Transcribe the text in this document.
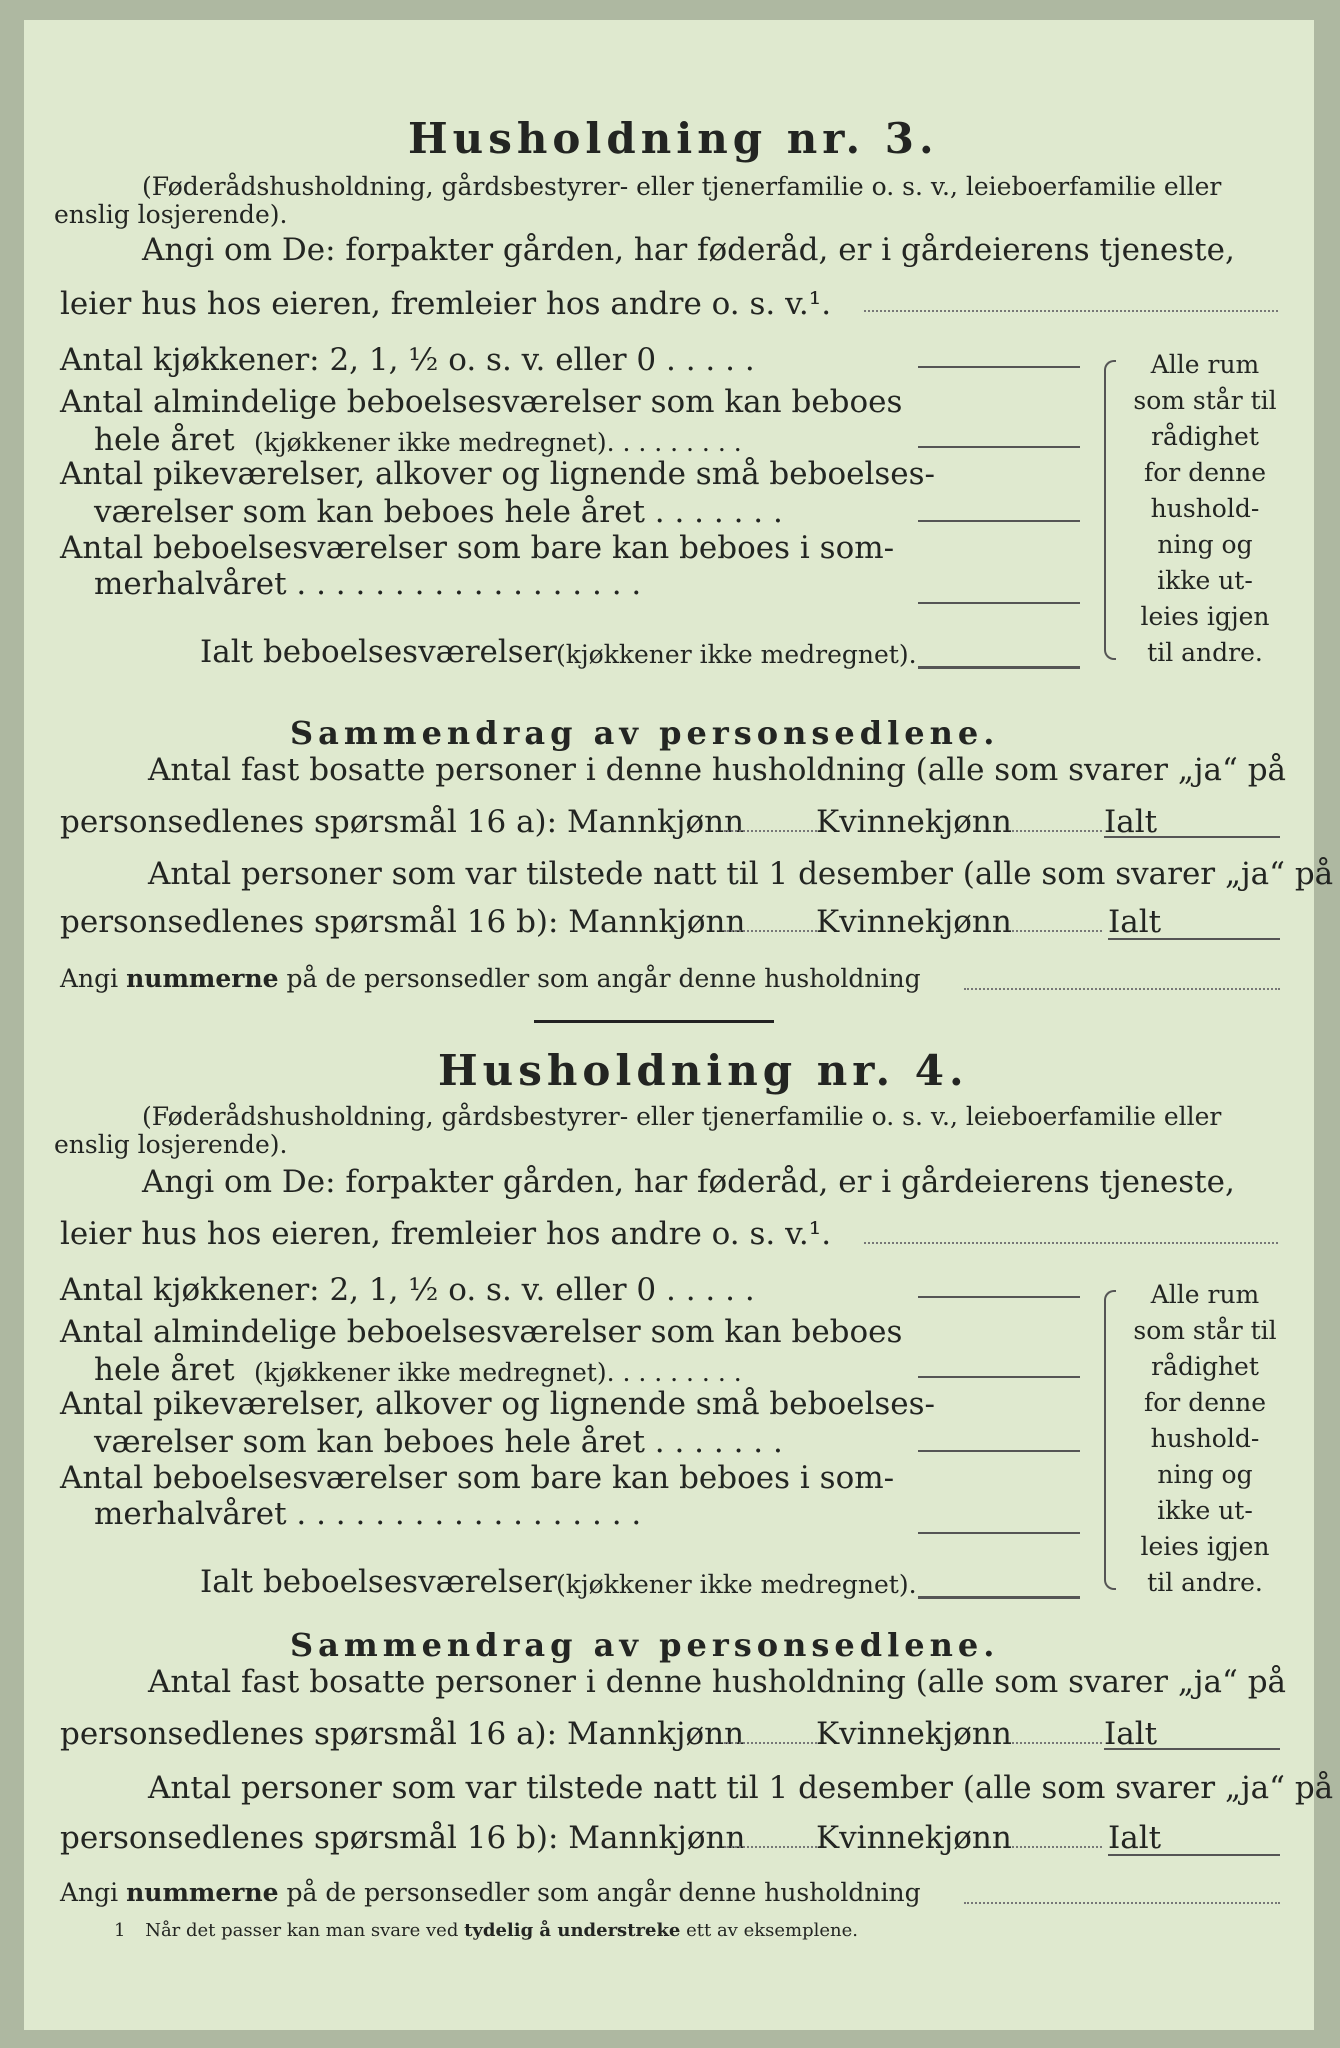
Husholdning nr. 3.
(Føderådshusholdning, gårdsbestyrer- eller tjenerfamilie o. s. v., leieboerfamilie eller
enslig losjerende).
Angi om De: forpakter gården, har føderåd, er i gårdeierens tjeneste,
leier hus hos eieren, fremleier hos andre o. s. v.¹.
Antal kjøkkener: 2, 1, ½ o. s. v. eller 0 . . . . .
Antal almindelige beboelsesværelser som kan beboes
hele året (kjøkkener ikke medregnet). . . . . . . . .
Antal pikeværelser, alkover og lignende små beboelses-
værelser som kan beboes hele året . . . . . . .
Antal beboelsesværelser som bare kan beboes i som-
merhalvåret . . . . . . . . . . . . . . . . . .
Ialt beboelsesværelser (kjøkkener ikke medregnet).
Alle rum
som står til
rådighet
for denne
hushold-
ning og
ikke ut-
leies igjen
til andre.
Sammendrag av personsedlene.
Antal fast bosatte personer i denne husholdning (alle som svarer „ja“ på
personsedlenes spørsmål 16 a): Mannkjønn Kvinnekjønn	Ialt
Antal personer som var tilstede natt til 1 desember (alle som svarer „ja“ på
personsedlenes spørsmål 16 b): Mannkjønn Kvinnekjønn	Ialt
Angi nummerne på de personsedler som angår denne husholdning
Husholdning nr. 4.
(Føderådshusholdning, gårdsbestyrer- eller tjenerfamilie o. s. v., leieboerfamilie eller
enslig losjerende).
Angi om De: forpakter gården, har føderåd, er i gårdeierens tjeneste,
leier hus hos eieren, fremleier hos andre o. s. v.¹.
Antal kjøkkener: 2, 1, ½ o. s. v. eller 0 . . . . .
Antal almindelige beboelsesværelser som kan beboes
hele året (kjøkkener ikke medregnet). . . . . . . . .
Antal pikeværelser, alkover og lignende små beboelses-
værelser som kan beboes hele året . . . . . . .
Antal beboelsesværelser som bare kan beboes i som-
merhalvåret . . . . . . . . . . . . . . . . . .
Ialt beboelsesværelser (kjøkkener ikke medregnet).
Alle rum
som står til
rådighet
for denne
hushold-
ning og
ikke ut-
leies igjen
til andre.
Sammendrag av personsedlene.
Antal fast bosatte personer i denne husholdning (alle som svarer „ja“ på
personsedlenes spørsmål 16 a): Mannkjønn Kvinnekjønn	Ialt
Antal personer som var tilstede natt til 1 desember (alle som svarer „ja“ på
personsedlenes spørsmål 16 b): Mannkjønn Kvinnekjønn	Ialt
Angi nummerne på de personsedler som angår denne husholdning
1 Når det passer kan man svare ved tydelig å understreke ett av eksemplene.
